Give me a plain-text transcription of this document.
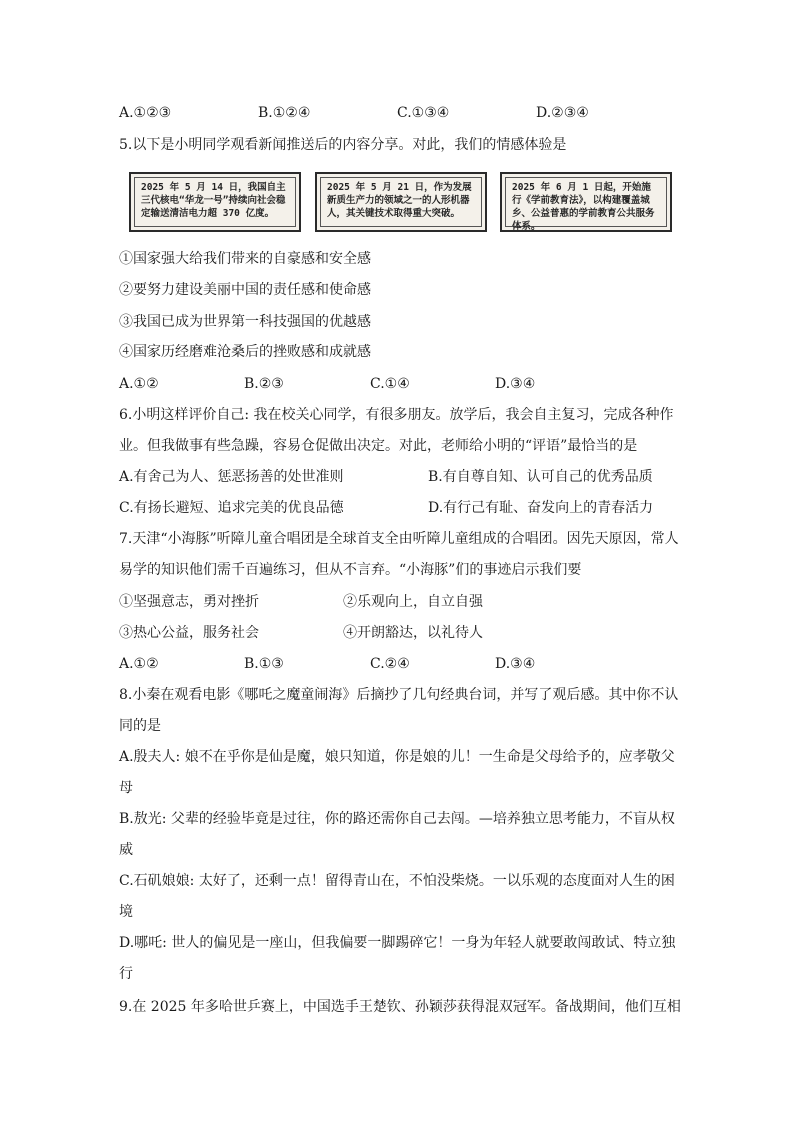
A.①②③	B.①②④	C.①③④	D.②③④
5.以下是小明同学观看新闻推送后的内容分享。对此，我们的情感体验是
2025 年 5 月 14 日，我国自主三代核电“华龙一号”持续向社会稳定输送清洁电力超 370 亿度。
2025 年 5 月 21 日，作为发展新质生产力的领域之一的人形机器人，其关键技术取得重大突破。
2025 年 6 月 1 日起，开始施行《学前教育法》，以构建覆盖城乡、公益普惠的学前教育公共服务体系。
①国家强大给我们带来的自豪感和安全感
②要努力建设美丽中国的责任感和使命感
③我国已成为世界第一科技强国的优越感
④国家历经磨难沧桑后的挫败感和成就感
A.①②	B.②③	C.①④	D.③④
6.小明这样评价自己: 我在校关心同学，有很多朋友。放学后，我会自主复习，完成各种作
业。但我做事有些急躁，容易仓促做出决定。对此，老师给小明的“评语”最恰当的是
A.有舍己为人、惩恶扬善的处世准则	B.有自尊自知、认可自己的优秀品质
C.有扬长避短、追求完美的优良品德	D.有行己有耻、奋发向上的青春活力
7.天津“小海豚”听障儿童合唱团是全球首支全由听障儿童组成的合唱团。因先天原因，常人
易学的知识他们需千百遍练习，但从不言弃。“小海豚”们的事迹启示我们要
①坚强意志，勇对挫折	②乐观向上，自立自强
③热心公益，服务社会	④开朗豁达，以礼待人
A.①②	B.①③	C.②④	D.③④
8.小秦在观看电影《哪吒之魔童闹海》后摘抄了几句经典台词，并写了观后感。其中你不认
同的是
A.殷夫人: 娘不在乎你是仙是魔，娘只知道，你是娘的儿！一生命是父母给予的，应孝敬父
母
B.敖光: 父辈的经验毕竟是过往，你的路还需你自己去闯。—培养独立思考能力，不盲从权
威
C.石矶娘娘: 太好了，还剩一点！留得青山在，不怕没柴烧。一以乐观的态度面对人生的困
境
D.哪吒: 世人的偏见是一座山，但我偏要一脚踢碎它！一身为年轻人就要敢闯敢试、特立独
行
9.在 2025 年多哈世乒赛上，中国选手王楚钦、孙颖莎获得混双冠军。备战期间，他们互相
